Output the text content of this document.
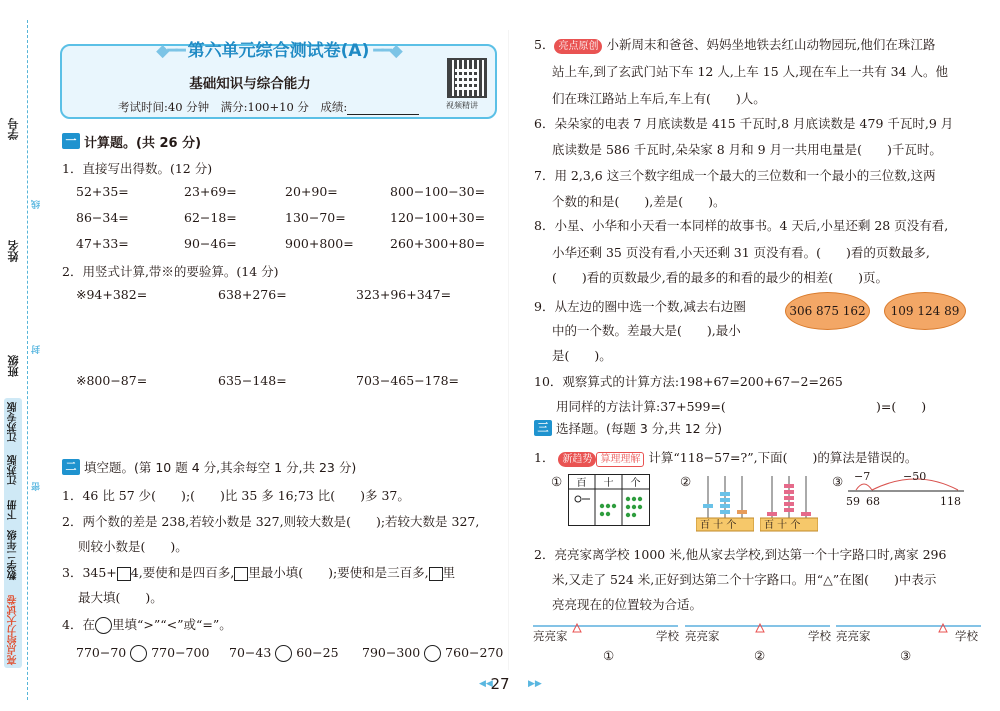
学号
线
姓名
封
班级
密
亮点给力大试卷
数学二年级
下册
江苏版
江苏专版
◆━━ 第六单元综合测试卷(A) ━━◆
基础知识与综合能力
考试时间:40 分钟　满分:100+10 分　成绩:	视频精讲
一 计算题。(共 26 分)
1．直接写出得数。(12 分)
52+35=	23+69=	20+90=	800−100−30=
86−34=	62−18=	130−70=	120−100+30=
47+33=	90−46=	900+800=	260+300+80=
2．用竖式计算,带※的要验算。(14 分)
※94+382=	638+276=	323+96+347=
※800−87=	635−148=	703−465−178=
二 填空题。(第 10 题 4 分,其余每空 1 分,共 23 分)
1．46 比 57 少(　　);(　　)比 35 多 16;73 比(　　)多 37。
2．两个数的差是 238,若较小数是 327,则较大数是(　　);若较大数是 327,
则较小数是(　　)。
3．345+ 4,要使和是四百多, 里最小填(　　);要使和是三百多, 里
最大填(　　)。
4．在 里填“>”“<”或“=”。
770−70 770−700 70−43 60−25 790−300 760−270
5． 亮点原创 小新周末和爸爸、妈妈坐地铁去红山动物园玩,他们在珠江路
站上车,到了玄武门站下车 12 人,上车 15 人,现在车上一共有 34 人。他
们在珠江路站上车后,车上有(　　)人。
6．朵朵家的电表 7 月底读数是 415 千瓦时,8 月底读数是 479 千瓦时,9 月
底读数是 586 千瓦时,朵朵家 8 月和 9 月一共用电量是(　　)千瓦时。
7．用 2,3,6 这三个数字组成一个最大的三位数和一个最小的三位数,这两
个数的和是(　　),差是(　　)。
8．小星、小华和小天看一本同样的故事书。4 天后,小星还剩 28 页没有看,
小华还剩 35 页没有看,小天还剩 31 页没有看。(　　)看的页数最多,
(　　)看的页数最少,看的最多的和看的最少的相差(　　)页。
9．从左边的圈中选一个数,减去右边圈
中的一个数。差最大是(　　),最小
是(　　)。
306 875 162	109 124 89
10．观察算式的计算方法:198+67=200+67−2=265
用同样的方法计算:37+599=(	)=(　　)
三 选择题。(每题 3 分,共 12 分)
1． 新趋势 算理理解 计算“118−57=?”,下面(　　)的算法是错误的。
① 百 十 个	②
百 十 个	百 十 个
③ −7	−50
59 68	118
2．亮亮家离学校 1000 米,他从家去学校,到达第一个十字路口时,离家 296
米,又走了 524 米,正好到达第二个十字路口。用“△”在图(　　)中表示
亮亮现在的位置较为合适。
亮亮家	学校 亮亮家	学校 亮亮家	学校
①	②	③
◀◀
27	▶▶
